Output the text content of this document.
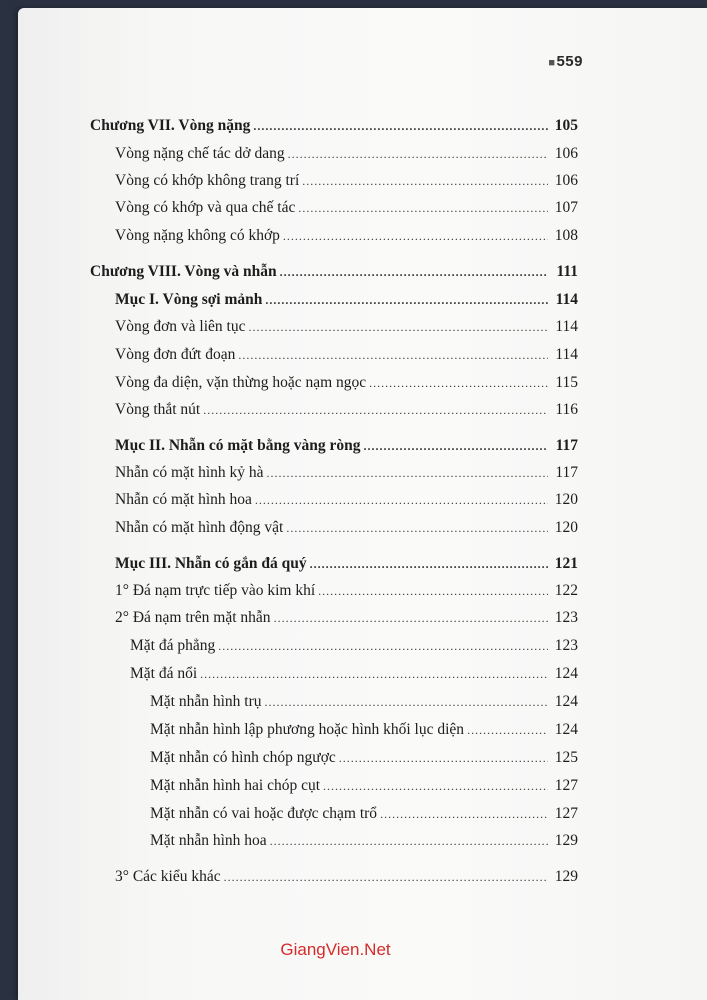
■559
Chương VII. Vòng nặng .....	105
Vòng nặng chế tác dở dang .....	106
Vòng có khớp không trang trí .....	106
Vòng có khớp và qua chế tác .....	107
Vòng nặng không có khớp .....	108
Chương VIII. Vòng và nhẫn .....	111
Mục I. Vòng sợi mảnh .....	114
Vòng đơn và liên tục .....	114
Vòng đơn đứt đoạn .....	114
Vòng đa diện, vặn thừng hoặc nạm ngọc .....	115
Vòng thắt nút .....	116
Mục II. Nhẫn có mặt bằng vàng ròng .....	117
Nhẫn có mặt hình kỷ hà .....	117
Nhẫn có mặt hình hoa .....	120
Nhẫn có mặt hình động vật .....	120
Mục III. Nhẫn có gắn đá quý .....	121
1° Đá nạm trực tiếp vào kim khí .....	122
2° Đá nạm trên mặt nhẫn .....	123
Mặt đá phẳng .....	123
Mặt đá nổi .....	124
Mặt nhẫn hình trụ .....	124
Mặt nhẫn hình lập phương hoặc hình khối lục diện .....	124
Mặt nhẫn có hình chóp ngược .....	125
Mặt nhẫn hình hai chóp cụt .....	127
Mặt nhẫn có vai hoặc được chạm trổ .....	127
Mặt nhẫn hình hoa .....	129
3° Các kiểu khác .....	129
GiangVien.Net
